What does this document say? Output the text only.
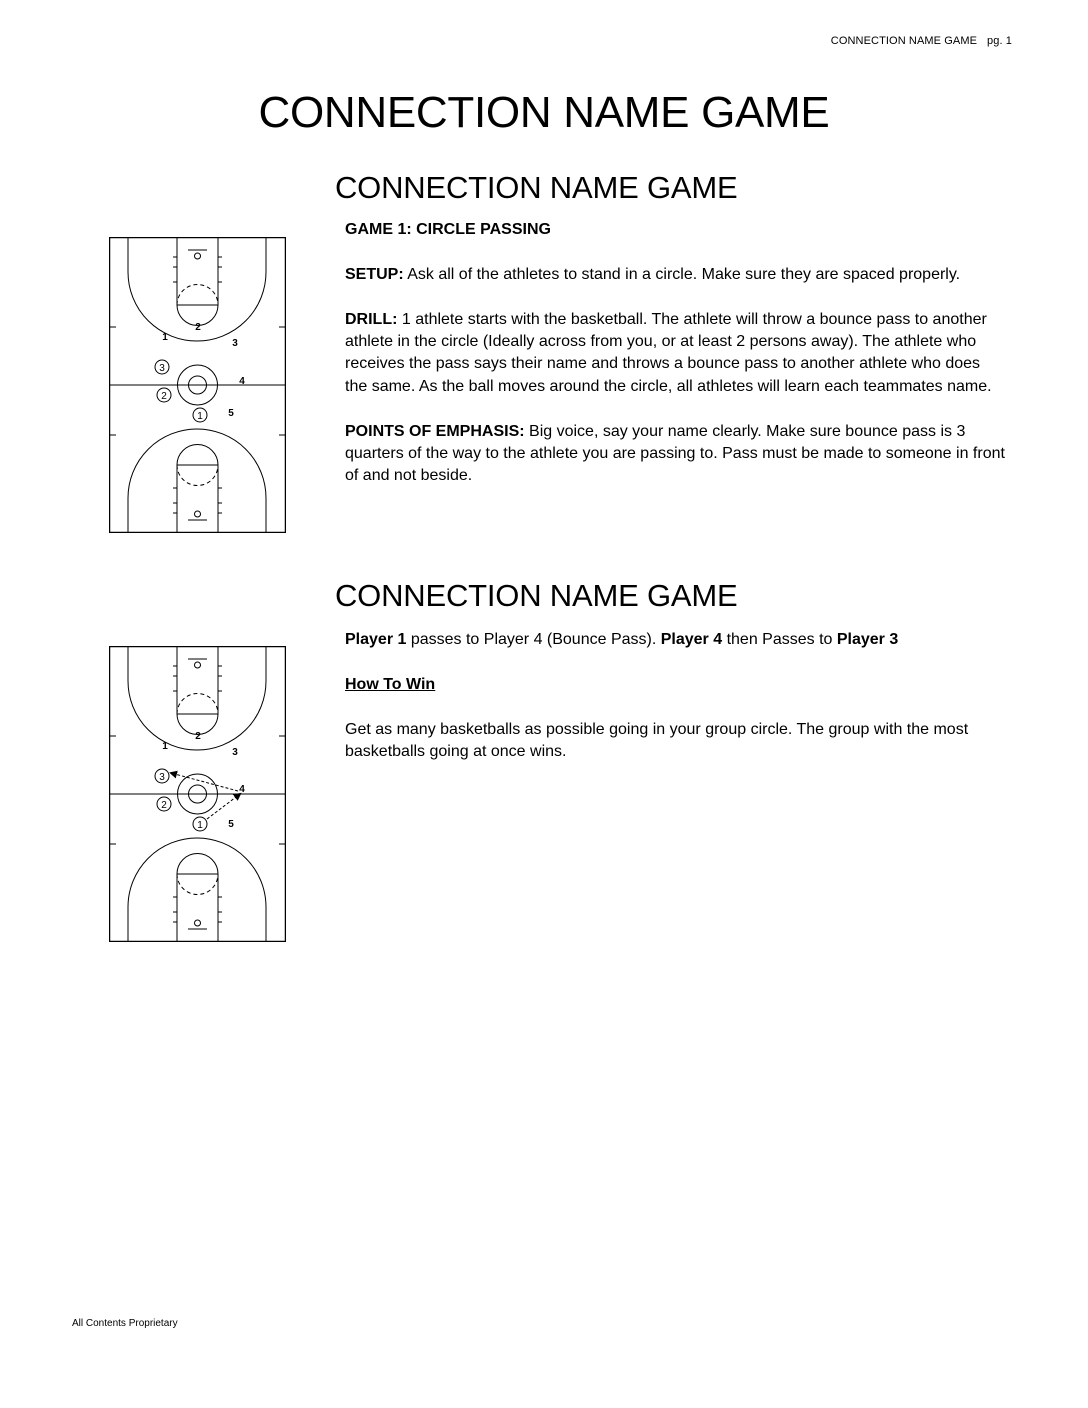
CONNECTION NAME GAME pg. 1
CONNECTION NAME GAME
CONNECTION NAME GAME
1
2
3
4
5
3
2
1

GAME 1: CIRCLE PASSING

SETUP: Ask all of the athletes to stand in a circle. Make sure they are spaced properly.

DRILL: 1 athlete starts with the basketball. The athlete will throw a bounce pass to another athlete in the circle (Ideally across from you, or at least 2 persons away). The athlete who receives the pass says their name and throws a bounce pass to another athlete who does the same. As the ball moves around the circle, all athletes will learn each teammates name.

POINTS OF EMPHASIS: Big voice, say your name clearly. Make sure bounce pass is 3 quarters of the way to the athlete you are passing to. Pass must be made to someone in front of and not beside.

CONNECTION NAME GAME
1
2
3
4
5
3
2
1

Player 1 passes to Player 4 (Bounce Pass). Player 4 then Passes to Player 3

How To Win

Get as many basketballs as possible going in your group circle. The group with the most basketballs going at once wins.

All Contents Proprietary
